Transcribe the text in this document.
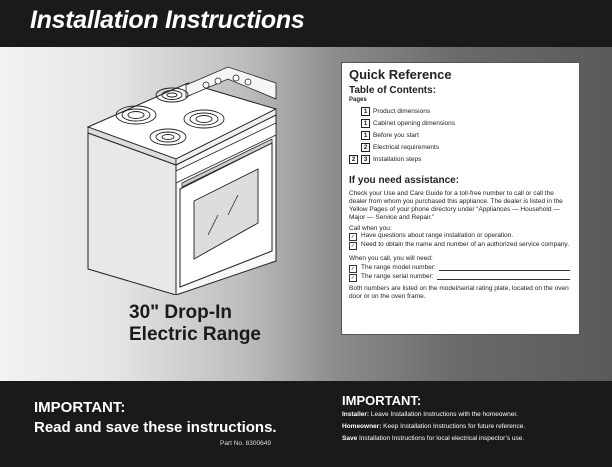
Installation Instructions
30" Drop-In
Electric Range
Quick Reference
Table of Contents:
Pages
1 Product dimensions
1 Cabinet opening dimensions
1 Before you start
2 Electrical requirements
2	3 Installation steps
If you need assistance:

Check your Use and Care Guide for a toll-free number to call or call the dealer from whom you purchased this appliance. The dealer is listed in the Yellow Pages of your phone directory under “Appliances — Household — Major — Service and Repair.”

Call when you:
✓ Have questions about range installation or operation.
✓ Need to obtain the name and number of an authorized service company.
When you call, you will need:
✓ The range model number:
✓ The range serial number:

Both numbers are listed on the model/serial rating plate, located on the oven door or on the oven frame.

IMPORTANT:
Read and save these instructions.
Part No. 8300649
IMPORTANT:
Installer: Leave Installation Instructions with the homeowner.
Homeowner: Keep Installation Instructions for future reference.
Save Installation Instructions for local electrical inspector’s use.
